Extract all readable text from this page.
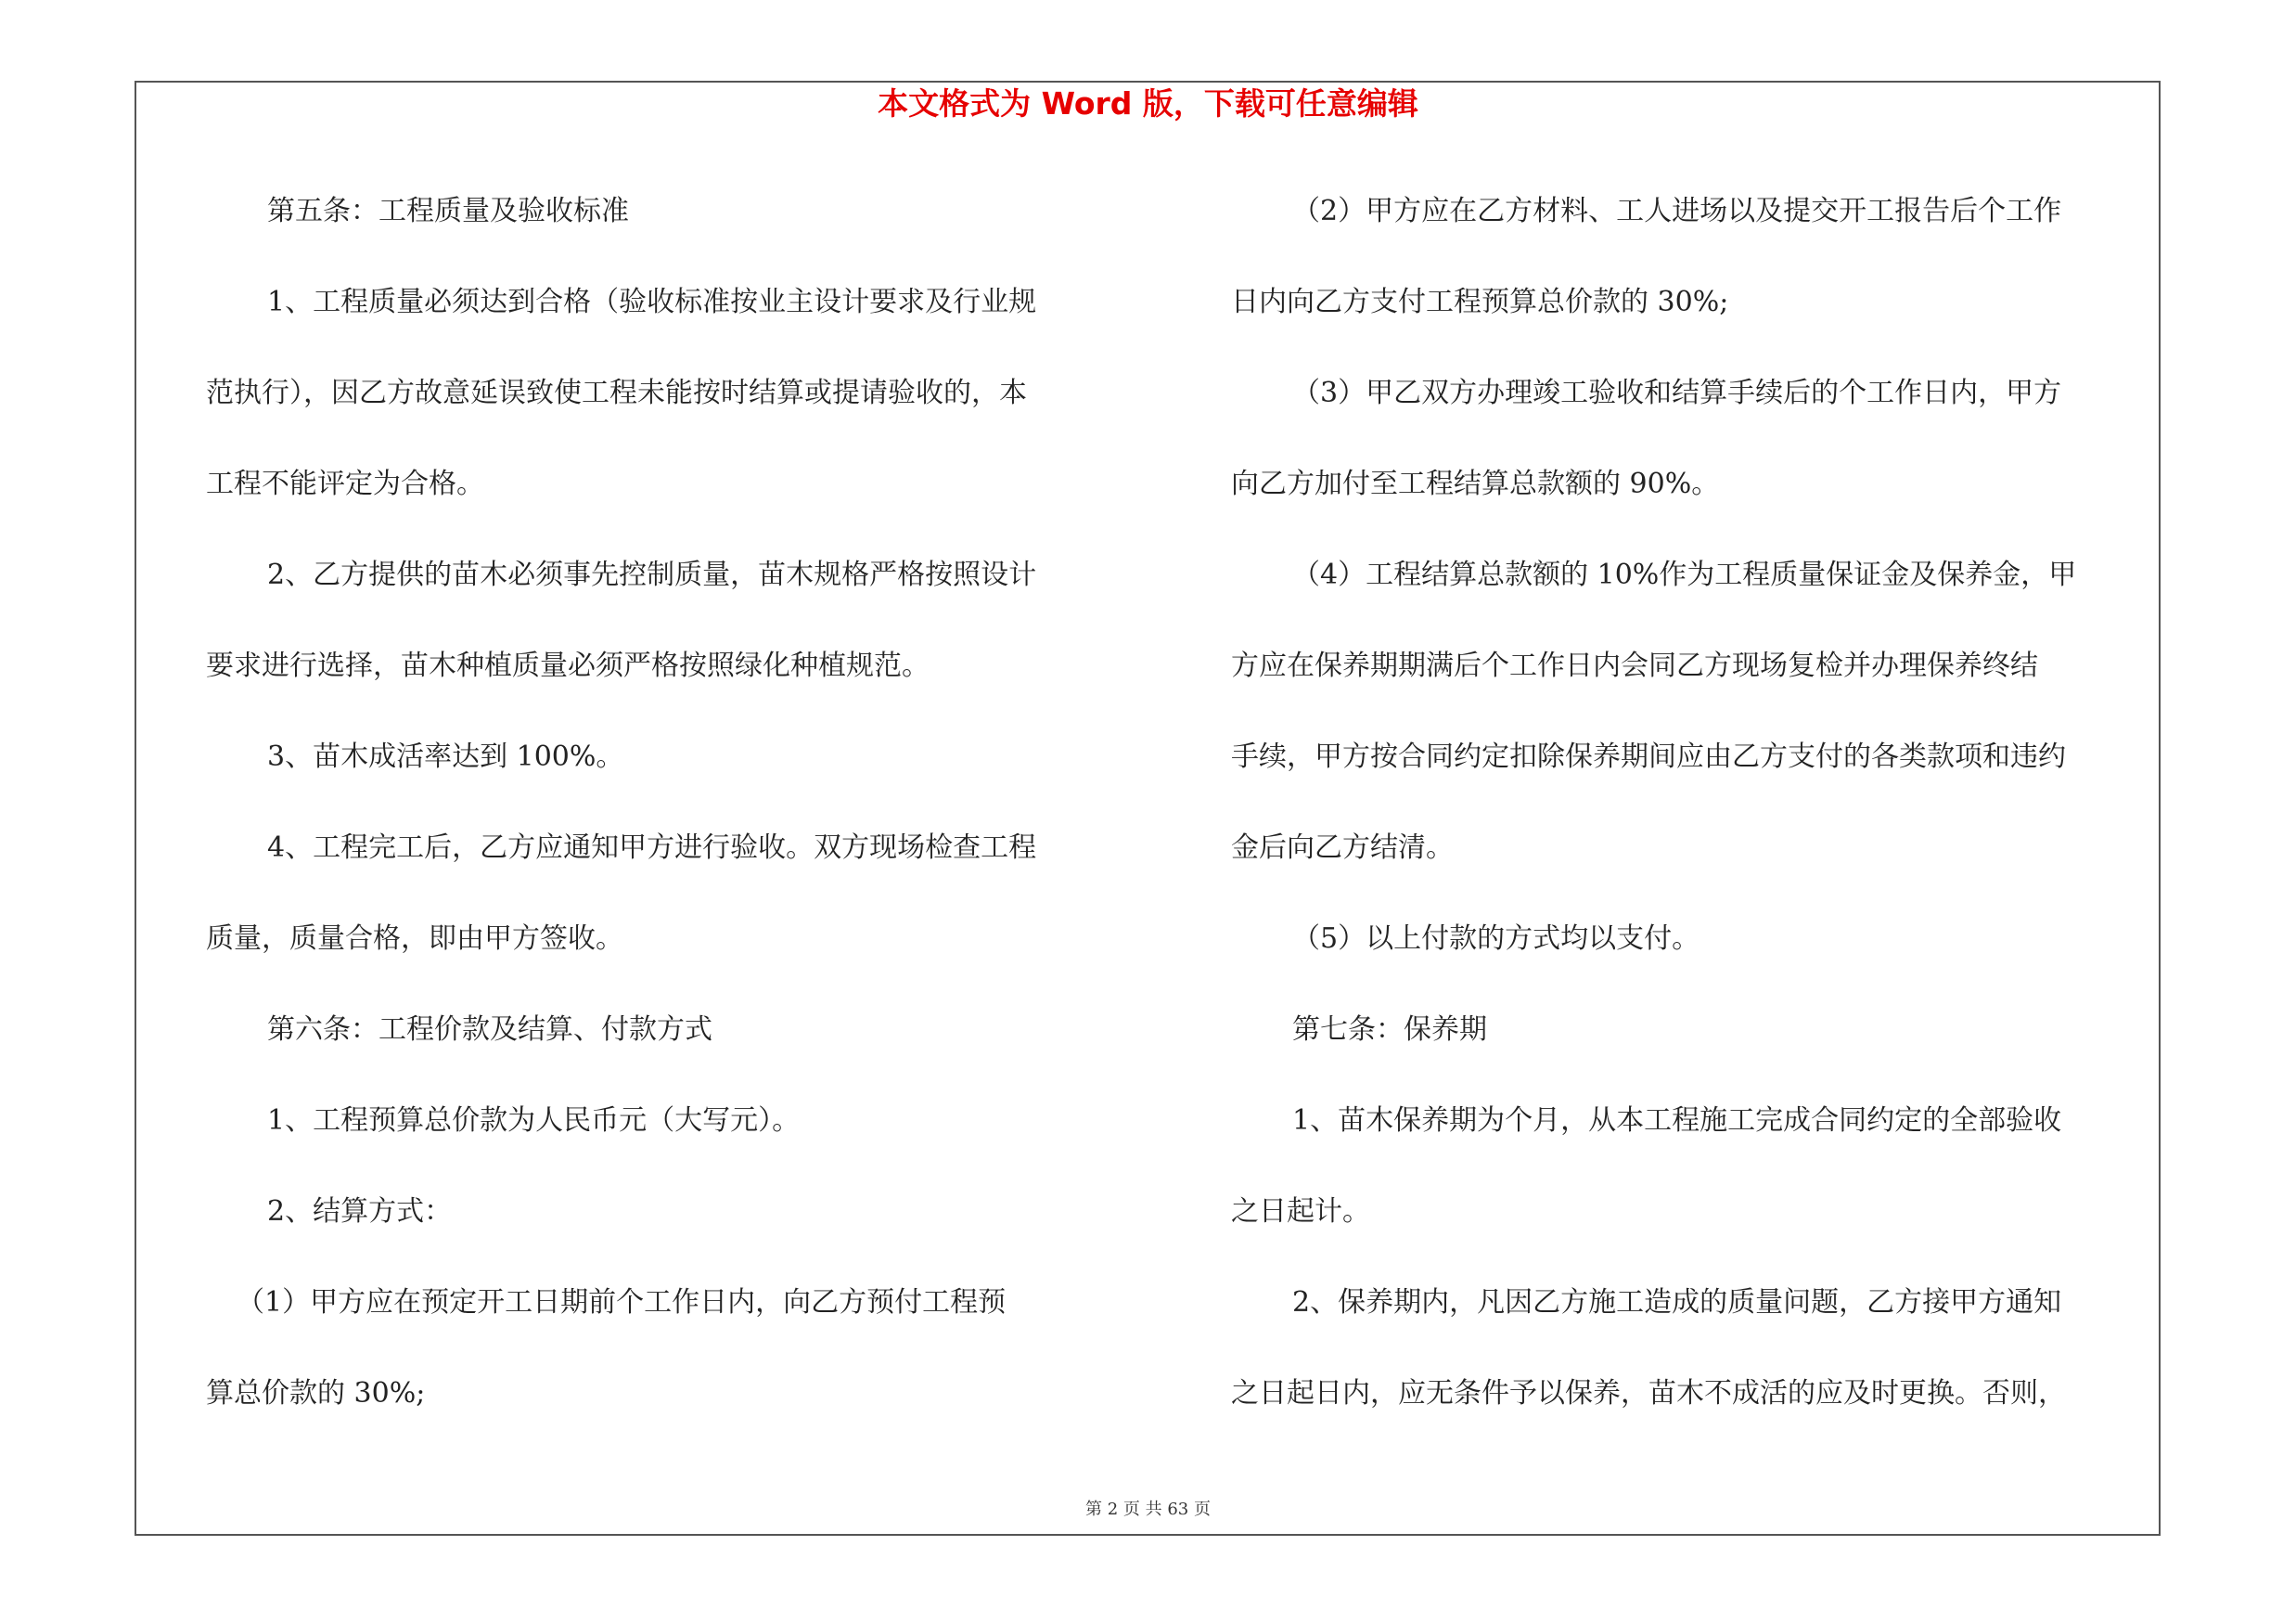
本文格式为 Word 版，下载可任意编辑
第五条：工程质量及验收标准
1、工程质量必须达到合格（验收标准按业主设计要求及行业规
范执行），因乙方故意延误致使工程未能按时结算或提请验收的，本
工程不能评定为合格。
2、乙方提供的苗木必须事先控制质量，苗木规格严格按照设计
要求进行选择，苗木种植质量必须严格按照绿化种植规范。
3、苗木成活率达到 100%。
4、工程完工后，乙方应通知甲方进行验收。双方现场检查工程
质量，质量合格，即由甲方签收。
第六条：工程价款及结算、付款方式
1、工程预算总价款为人民币元（大写元）。
2、结算方式：
（1）甲方应在预定开工日期前个工作日内，向乙方预付工程预
算总价款的 30%;
（2）甲方应在乙方材料、工人进场以及提交开工报告后个工作
日内向乙方支付工程预算总价款的 30%;
（3）甲乙双方办理竣工验收和结算手续后的个工作日内，甲方
向乙方加付至工程结算总款额的 90%。
（4）工程结算总款额的 10%作为工程质量保证金及保养金，甲
方应在保养期期满后个工作日内会同乙方现场复检并办理保养终结
手续，甲方按合同约定扣除保养期间应由乙方支付的各类款项和违约
金后向乙方结清。
（5）以上付款的方式均以支付。
第七条：保养期
1、苗木保养期为个月，从本工程施工完成合同约定的全部验收
之日起计。
2、保养期内，凡因乙方施工造成的质量问题，乙方接甲方通知
之日起日内，应无条件予以保养，苗木不成活的应及时更换。否则，
第 2 页 共 63 页
